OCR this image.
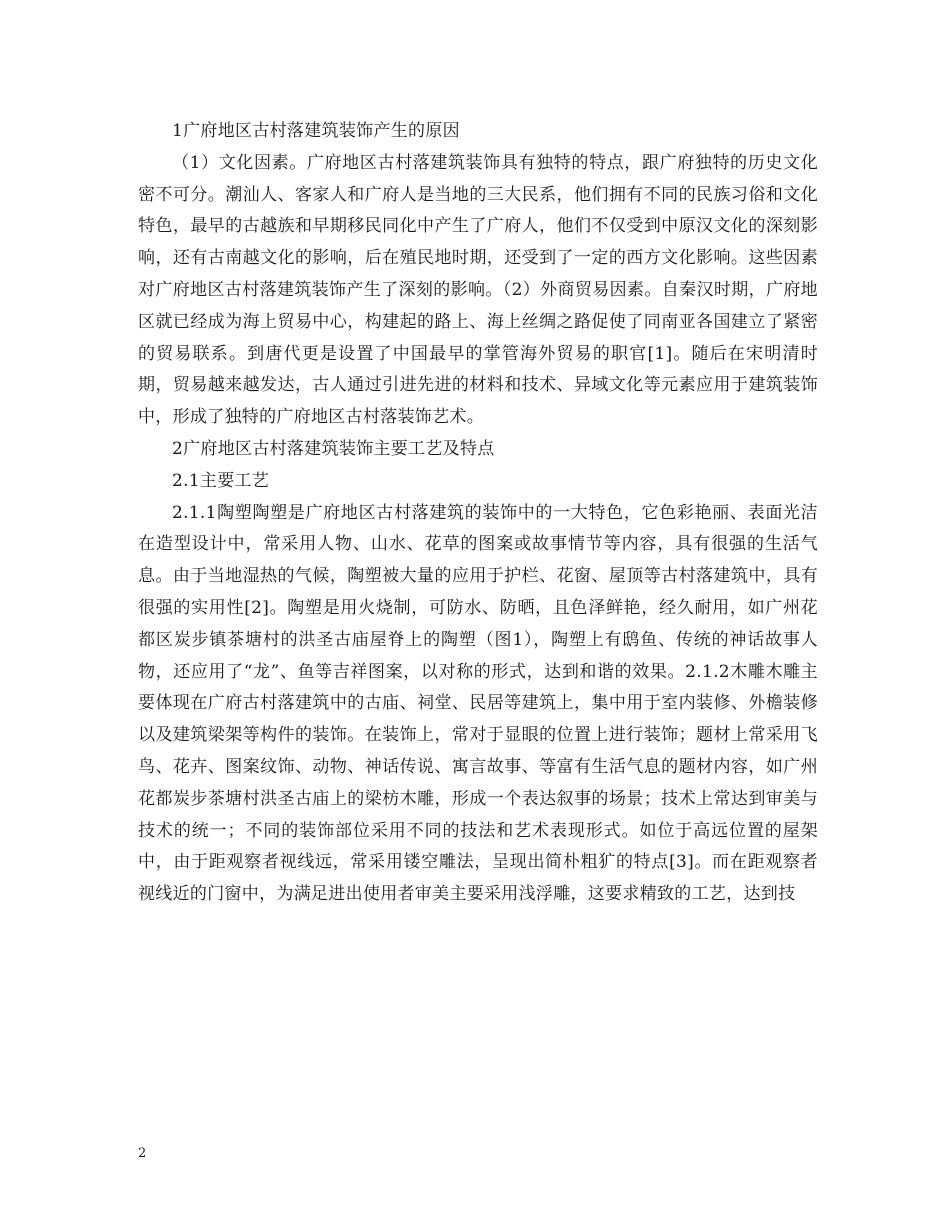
1广府地区古村落建筑装饰产生的原因

（1）文化因素。广府地区古村落建筑装饰具有独特的特点，跟广府独特的历史文化密不可分。潮汕人、客家人和广府人是当地的三大民系，他们拥有不同的民族习俗和文化特色，最早的古越族和早期移民同化中产生了广府人，他们不仅受到中原汉文化的深刻影响，还有古南越文化的影响，后在殖民地时期，还受到了一定的西方文化影响。这些因素对广府地区古村落建筑装饰产生了深刻的影响。（2）外商贸易因素。自秦汉时期，广府地区就已经成为海上贸易中心，构建起的路上、海上丝绸之路促使了同南亚各国建立了紧密的贸易联系。到唐代更是设置了中国最早的掌管海外贸易的职官[1]。随后在宋明清时期，贸易越来越发达，古人通过引进先进的材料和技术、异域文化等元素应用于建筑装饰中，形成了独特的广府地区古村落装饰艺术。

2广府地区古村落建筑装饰主要工艺及特点

2.1主要工艺

2.1.1陶塑陶塑是广府地区古村落建筑的装饰中的一大特色，它色彩艳丽、表面光洁在造型设计中，常采用人物、山水、花草的图案或故事情节等内容，具有很强的生活气息。由于当地湿热的气候，陶塑被大量的应用于护栏、花窗、屋顶等古村落建筑中，具有很强的实用性[2]。陶塑是用火烧制，可防水、防晒，且色泽鲜艳，经久耐用，如广州花都区炭步镇茶塘村的洪圣古庙屋脊上的陶塑（图1），陶塑上有鸱鱼、传统的神话故事人物，还应用了“龙”、鱼等吉祥图案，以对称的形式，达到和谐的效果。2.1.2木雕木雕主要体现在广府古村落建筑中的古庙、祠堂、民居等建筑上，集中用于室内装修、外檐装修以及建筑梁架等构件的装饰。在装饰上，常对于显眼的位置上进行装饰；题材上常采用飞鸟、花卉、图案纹饰、动物、神话传说、寓言故事、等富有生活气息的题材内容，如广州花都炭步茶塘村洪圣古庙上的梁枋木雕，形成一个表达叙事的场景；技术上常达到审美与技术的统一；不同的装饰部位采用不同的技法和艺术表现形式。如位于高远位置的屋架中，由于距观察者视线远，常采用镂空雕法，呈现出简朴粗犷的特点[3]。而在距观察者视线近的门窗中，为满足进出使用者审美主要采用浅浮雕，这要求精致的工艺，达到技

2
